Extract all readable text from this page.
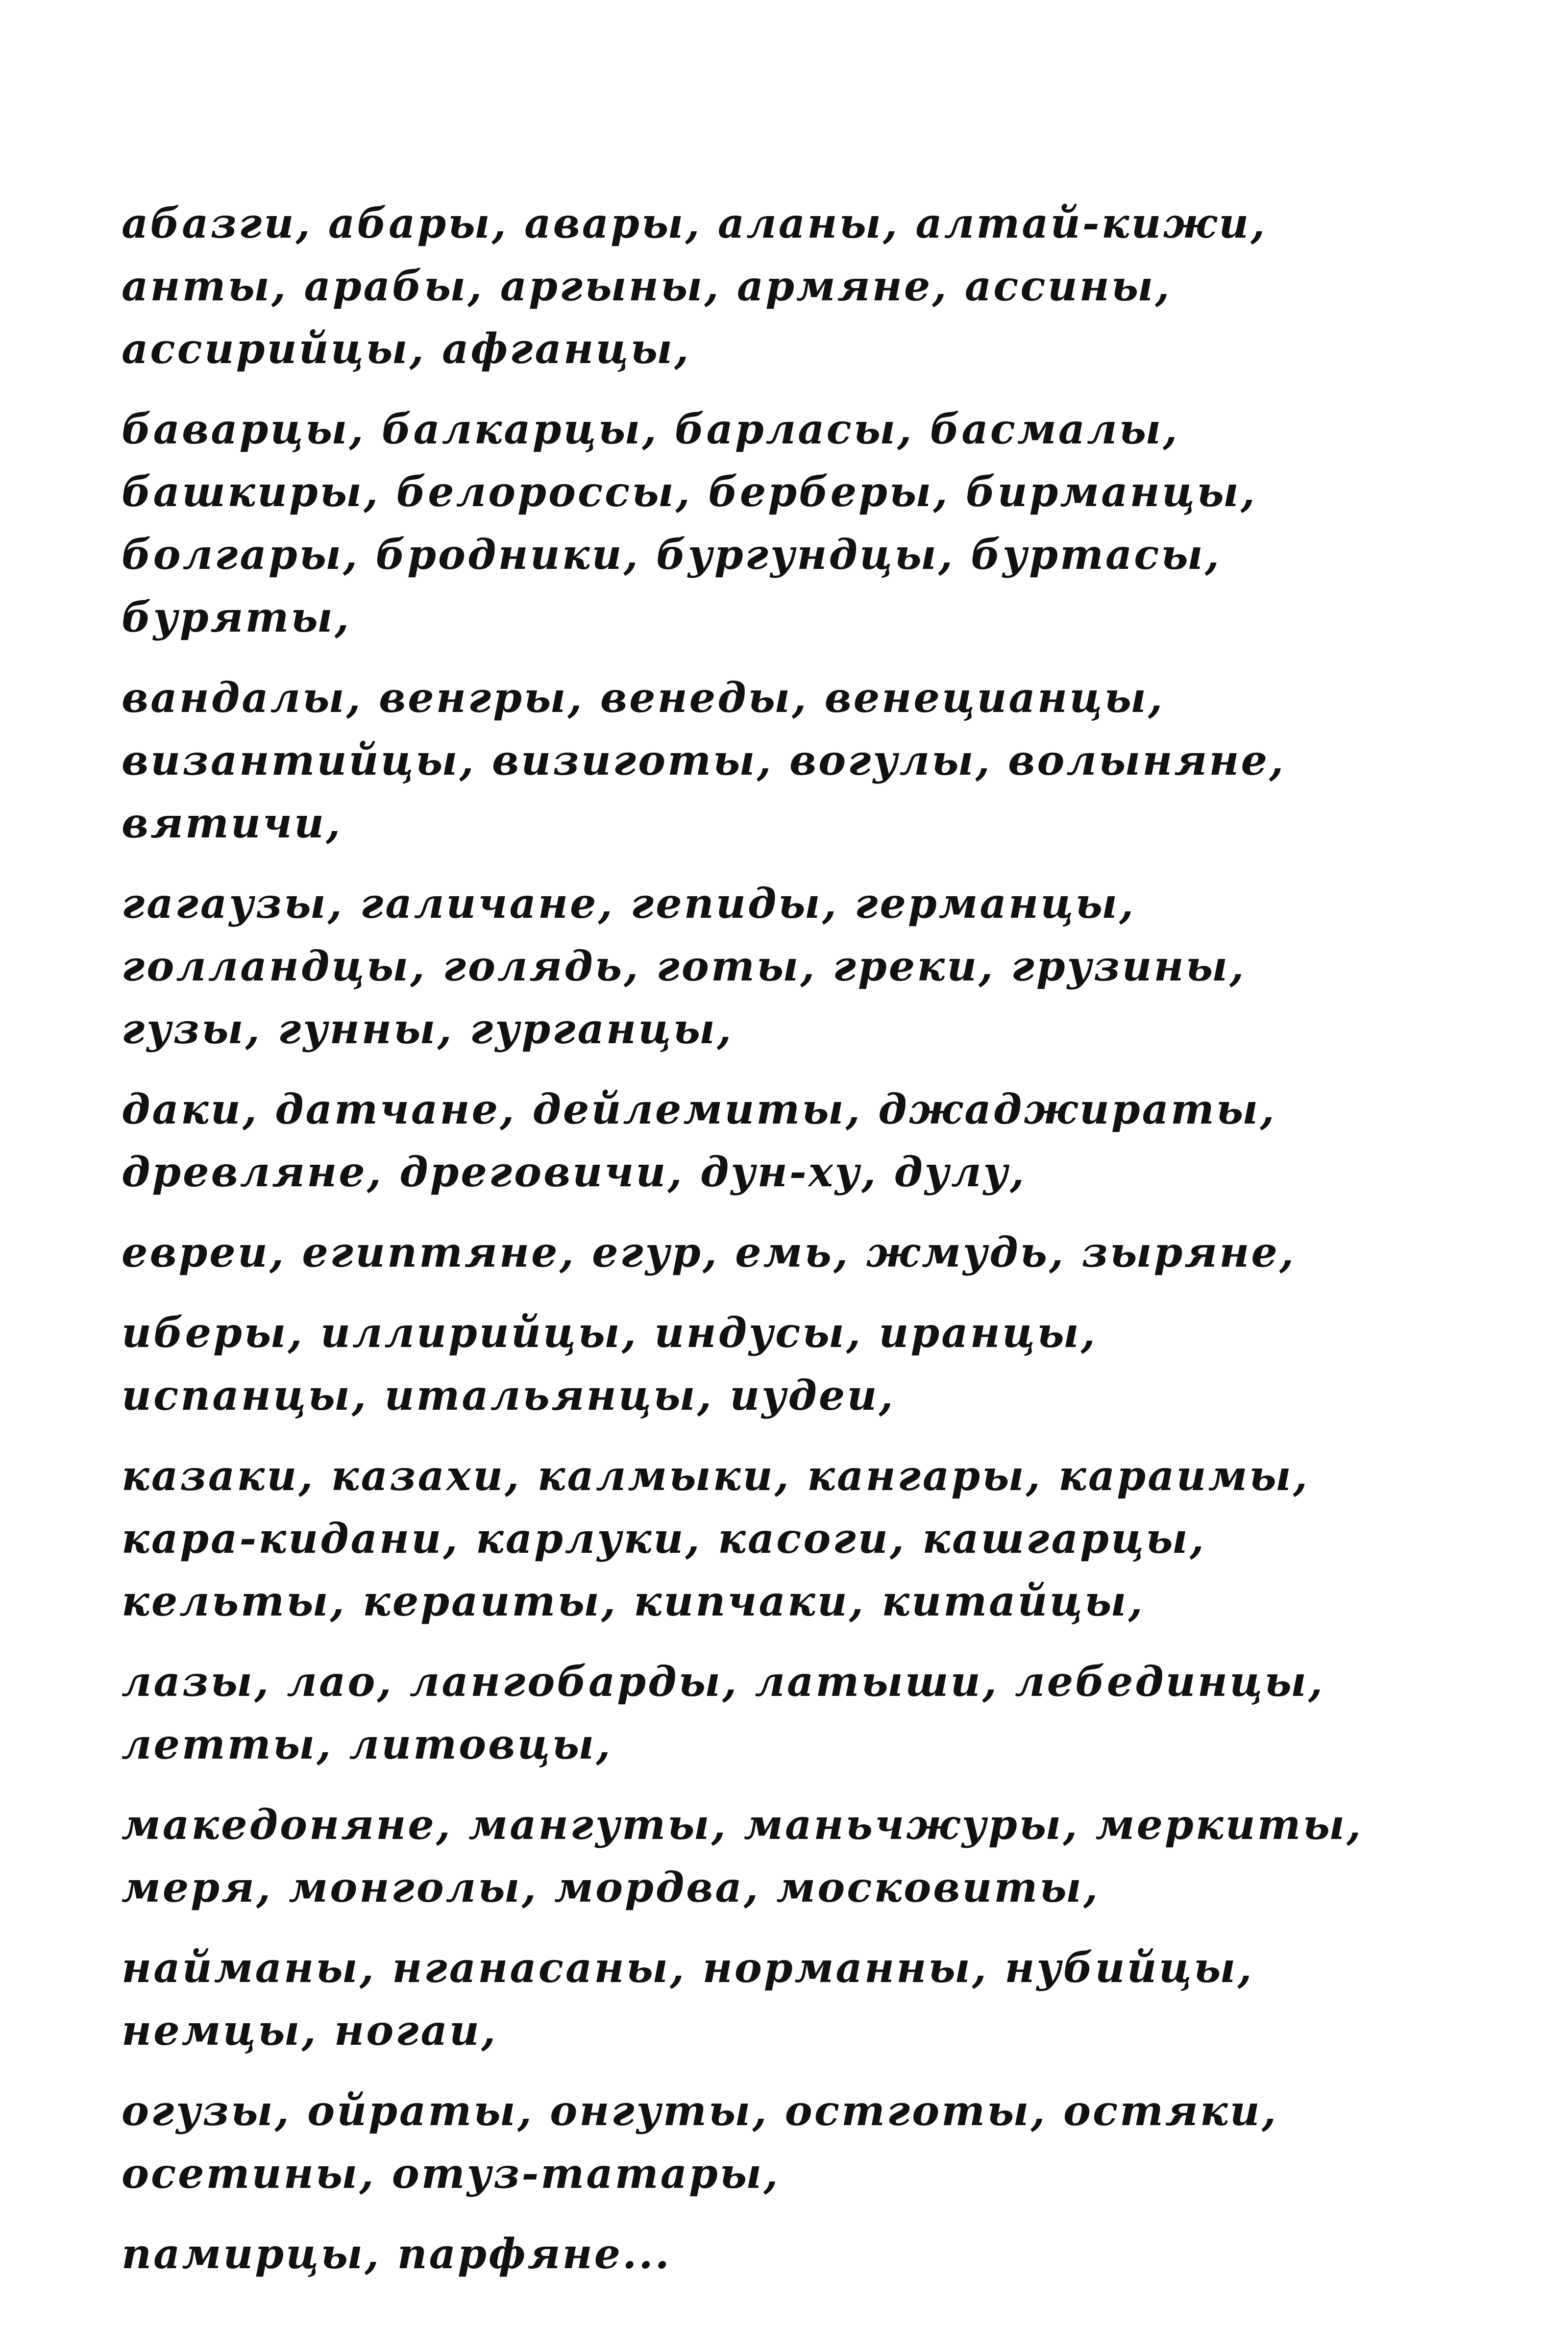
абазги, абары, авары, аланы, алтай-кижи,
анты, арабы, аргыны, армяне, ассины,
ассирийцы, афганцы,
баварцы, балкарцы, барласы, басмалы,
башкиры, белороссы, берберы, бирманцы,
болгары, бродники, бургундцы, буртасы,
буряты,
вандалы, венгры, венеды, венецианцы,
византийцы, визиготы, вогулы, волыняне,
вятичи,
гагаузы, галичане, гепиды, германцы,
голландцы, голядь, готы, греки, грузины,
гузы, гунны, гурганцы,
даки, датчане, дейлемиты, джаджираты,
древляне, дреговичи, дун-ху, дулу,
евреи, египтяне, егур, емь, жмудь, зыряне,
иберы, иллирийцы, индусы, иранцы,
испанцы, итальянцы, иудеи,
казаки, казахи, калмыки, кангары, караимы,
кара-кидани, карлуки, касоги, кашгарцы,
кельты, кераиты, кипчаки, китайцы,
лазы, лао, лангобарды, латыши, лебединцы,
летты, литовцы,
македоняне, мангуты, маньчжуры, меркиты,
меря, монголы, мордва, московиты,
найманы, нганасаны, норманны, нубийцы,
немцы, ногаи,
огузы, ойраты, онгуты, остготы, остяки,
осетины, отуз-татары,
памирцы, парфяне...
